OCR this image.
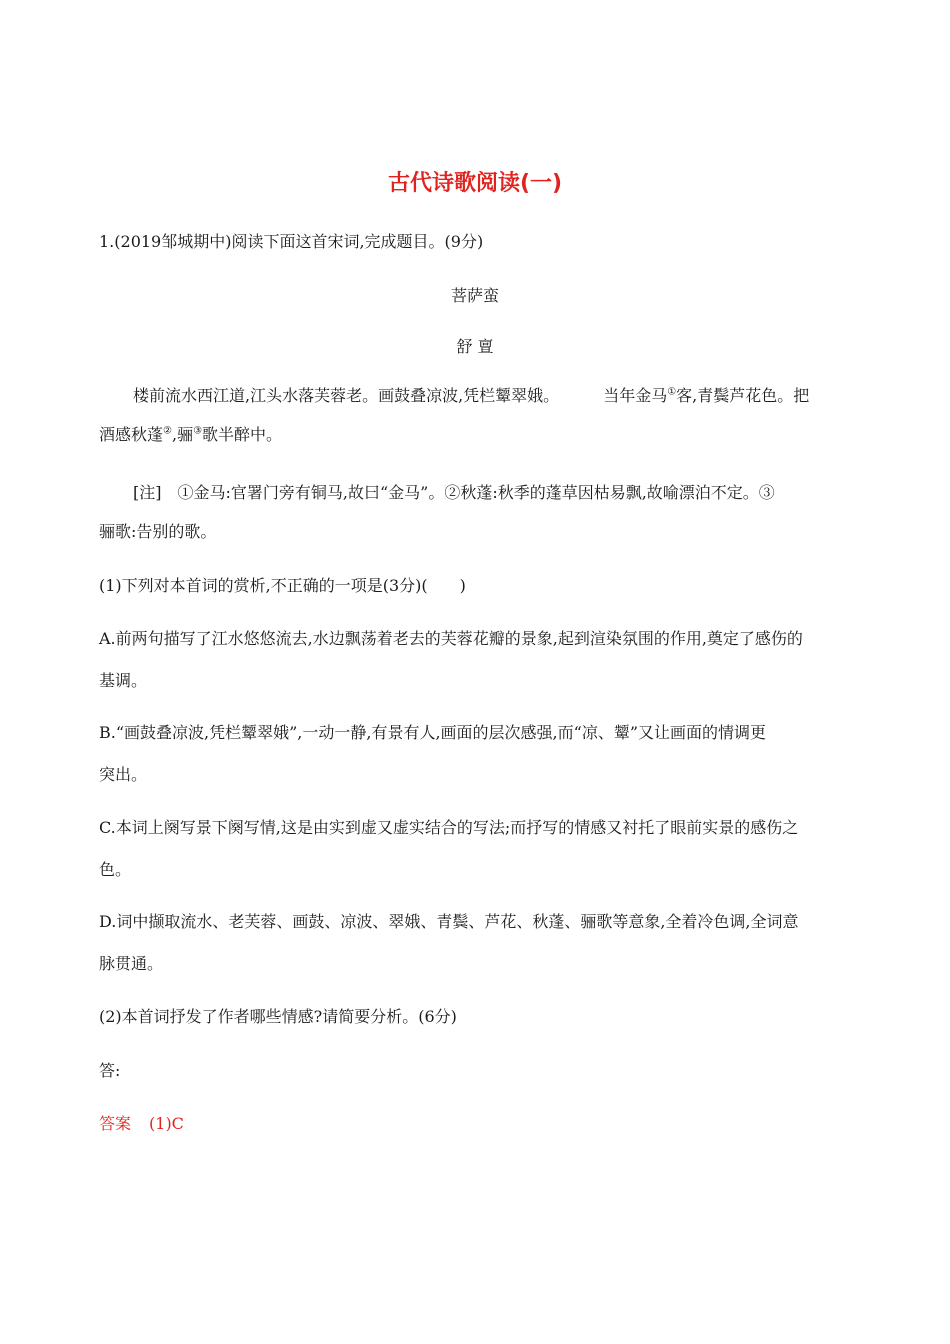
古代诗歌阅读(一)
1.(2019邹城期中)阅读下面这首宋词,完成题目。(9分)
菩萨蛮
舒 亶
楼前流水西江道,江头水落芙蓉老。画鼓叠凉波,凭栏颦翠娥。	当年金马①客,青鬓芦花色。把
酒感秋蓬②,骊③歌半醉中。
[注]　①金马:官署门旁有铜马,故曰“金马”。②秋蓬:秋季的蓬草因枯易飘,故喻漂泊不定。③
骊歌:告别的歌。
(1)下列对本首词的赏析,不正确的一项是(3分)(　　)
A.前两句描写了江水悠悠流去,水边飘荡着老去的芙蓉花瓣的景象,起到渲染氛围的作用,奠定了感伤的
基调。
B.“画鼓叠凉波,凭栏颦翠娥”,一动一静,有景有人,画面的层次感强,而“凉、颦”又让画面的情调更
突出。
C.本词上阕写景下阕写情,这是由实到虚又虚实结合的写法;而抒写的情感又衬托了眼前实景的感伤之
色。
D.词中撷取流水、老芙蓉、画鼓、凉波、翠娥、青鬓、芦花、秋蓬、骊歌等意象,全着冷色调,全词意
脉贯通。
(2)本首词抒发了作者哪些情感?请简要分析。(6分)
答:
答案 (1)C
